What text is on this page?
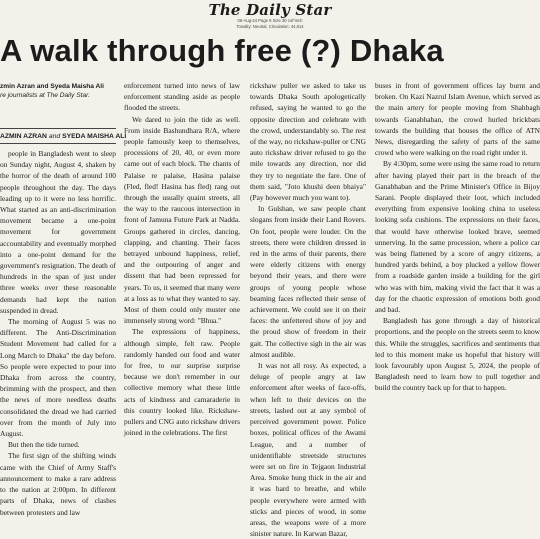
The Daily Star
06-Aug-24 Page 8 Size 30 col*inch
Tonality: Neutral, Circulation: 44,814
A walk through free (?) Dhaka
zmin Azran and Syeda Maisha Ali
re journalists at The Daily Star.
AZMIN AZRAN and SYEDA MAISHA ALI

people in Bangladesh went to sleep on Sunday night, August 4, shaken by the horror of the death of around 100 people throughout the day. The days leading up to it were no less horrific. What started as an anti-discrimination movement became a one-point movement for government accountability and eventually morphed into a one-point demand for the government's resignation. The death of hundreds in the span of just under three weeks over these reasonable demands had kept the nation suspended in dread.

The morning of August 5 was no different. The Anti-Discrimination Student Movement had called for a Long March to Dhaka" the day before. So people were expected to pour into Dhaka from across the country, brimming with the prospect, and then the news of more needless deaths consolidated the dread we had carried over from the month of July into August.

But then the tide turned.

The first sign of the shifting winds came with the Chief of Army Staff's announcement to make a rare address to the nation at 2:00pm. In different parts of Dhaka, news of clashes between protesters and law

enforcement turned into news of law enforcement standing aside as people flooded the streets.

We dared to join the tide as well. From inside Bashundhara R/A, where people famously keep to themselves, processions of 20, 40, or even more came out of each block. The chants of Palaise re palaise, Hasina palaise (Fled, fled! Hasina has fled) rang out through the usually quaint streets, all the way to the raucous intersection in front of Jamuna Future Park at Nadda. Groups gathered in circles, dancing, clapping, and chanting. Their faces betrayed unbound happiness, relief, and the outpouring of anger and dissent that had been repressed for years. To us, it seemed that many were at a loss as to what they wanted to say. Most of them could only muster one immensely strong word: "Bhua."

The expressions of happiness, although simple, felt raw. People randomly handed out food and water for free, to our surprise surprise because we don't remember in our collective memory what these little acts of kindness and camaraderie in this country looked like. Rickshaw-pullers and CNG auto rickshaw drivers joined in the celebrations. The first

rickshaw puller we asked to take us towards Dhaka South apologetically refused, saying he wanted to go the opposite direction and celebrate with the crowd, understandably so. The rest of the way, no rickshaw-puller or CNG auto rickshaw driver refused to go the mile towards any direction, nor did they try to negotiate the fare. One of them said, "Joto khushi deen bhaiya" (Pay however much you want to).

In Gulshan, we saw people chant slogans from inside their Land Rovers. On foot, people were louder. On the streets, there were children dressed in red in the arms of their parents, there were elderly citizens with energy beyond their years, and there were groups of young people whose beaming faces reflected their sense of achievement. We could see it on their faces: the unfettered show of joy and the proud show of freedom in their gait. The collective sigh in the air was almost audible.

It was not all rosy. As expected, a deluge of people angry at law enforcement after weeks of face-offs, when left to their devices on the streets, lashed out at any symbol of perceived government power. Police boxes, political offices of the Awami League, and a number of unidentifiable streetside structures were set on fire in Tejgaon Industrial Area. Smoke hung thick in the air and it was hard to breathe, and while people everywhere were armed with sticks and pieces of wood, in some areas, the weapons were of a more sinister nature. In Karwan Bazar,

buses in front of government offices lay burnt and broken. On Kazi Nazrul Islam Avenue, which served as the main artery for people moving from Shahbagh towards Ganabhaban, the crowd hurled brickbats towards the building that houses the office of ATN News, disregarding the safety of parts of the same crowd who were walking on the road right under it.

By 4:30pm, some were using the same road to return after having played their part in the breach of the Ganabhaban and the Prime Minister's Office in Bijoy Sarani. People displayed their loot, which included everything from expensive looking china to useless looking sofa cushions. The expressions on their faces, that would have otherwise looked brave, seemed unnerving. In the same procession, where a police car was being flattened by a score of angry citizens, a hundred yards behind, a boy plucked a yellow flower from a roadside garden inside a building for the girl who was with him, making vivid the fact that it was a day for the chaotic expression of emotions both good and bad.

Bangladesh has gone through a day of historical proportions, and the people on the streets seem to know this. While the struggles, sacrifices and sentiments that led to this moment make us hopeful that history will look favourably upon August 5, 2024, the people of Bangladesh need to learn how to pull together and build the country back up for that to happen.
